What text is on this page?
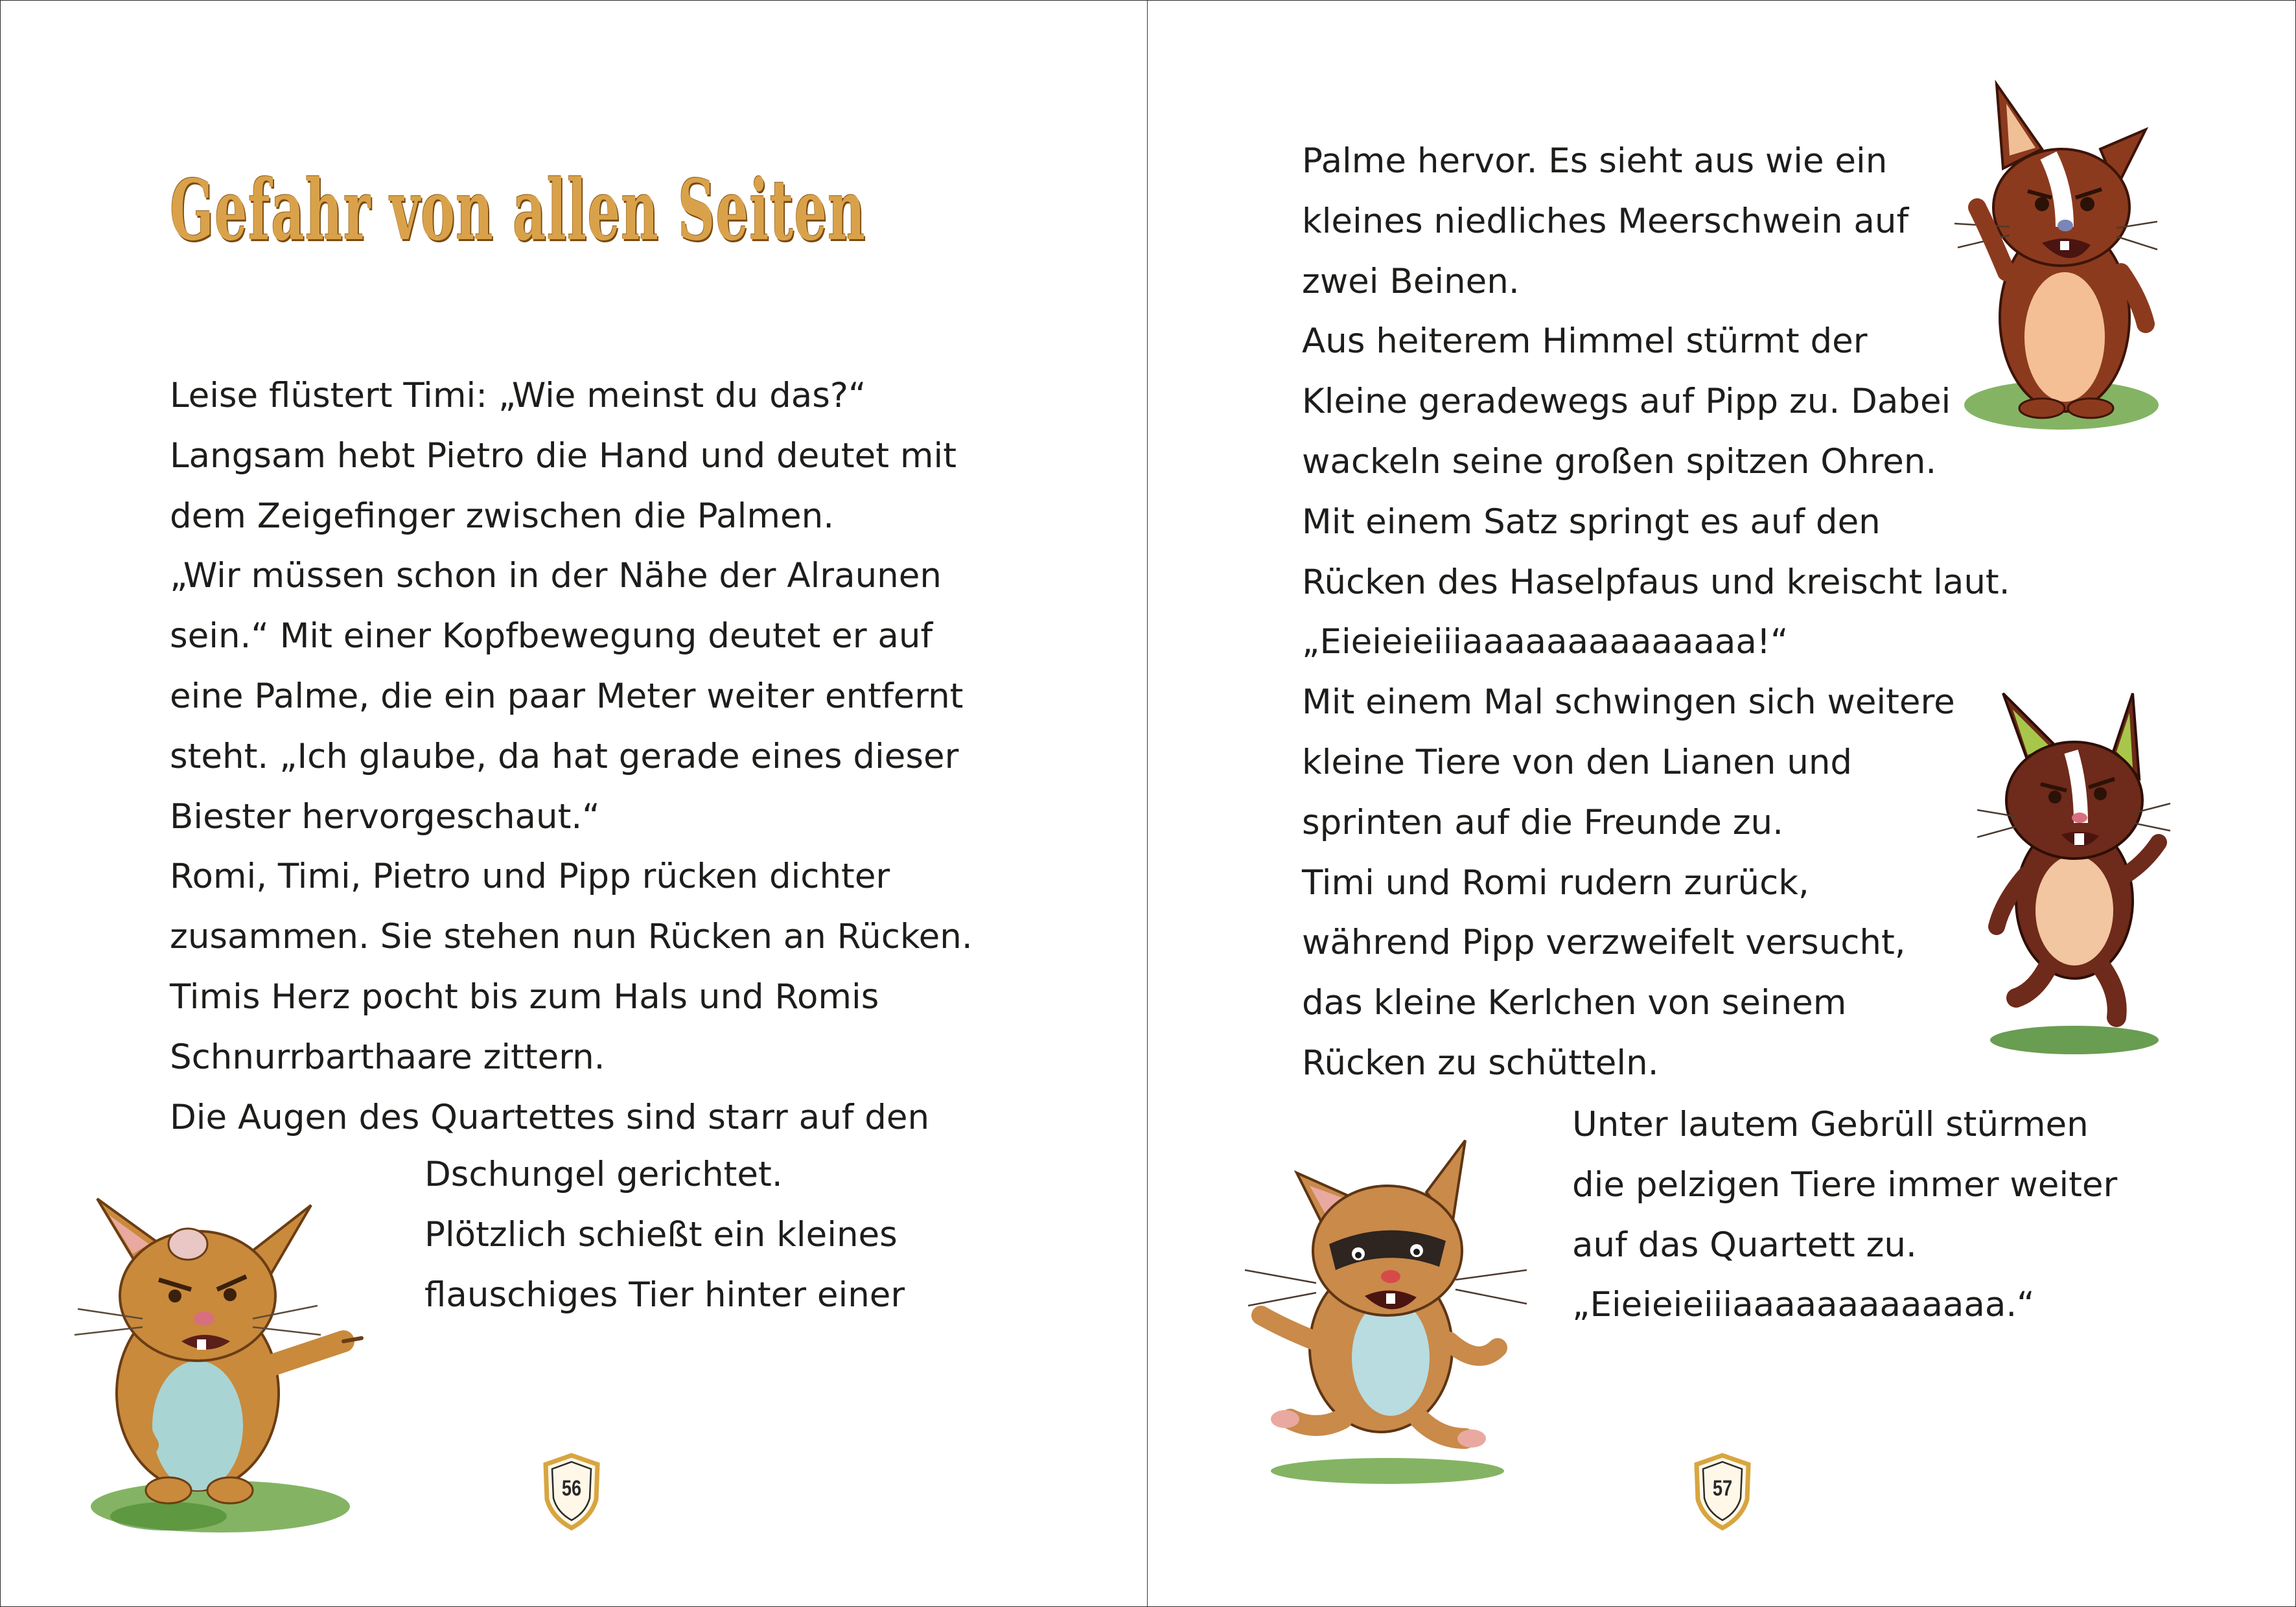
Gefahr von allen Seiten
Leise flüstert Timi: „Wie meinst du das?“
Langsam hebt Pietro die Hand und deutet mit
dem Zeigefinger zwischen die Palmen.
„Wir müssen schon in der Nähe der Alraunen
sein.“ Mit einer Kopfbewegung deutet er auf
eine Palme, die ein paar Meter weiter entfernt
steht. „Ich glaube, da hat gerade eines dieser
Biester hervorgeschaut.“
Romi, Timi, Pietro und Pipp rücken dichter
zusammen. Sie stehen nun Rücken an Rücken.
Timis Herz pocht bis zum Hals und Romis
Schnurrbarthaare zittern.
Die Augen des Quartettes sind starr auf den
Dschungel gerichtet.
Plötzlich schießt ein kleines
flauschiges Tier hinter einer
56
Palme hervor. Es sieht aus wie ein
kleines niedliches Meerschwein auf
zwei Beinen.
Aus heiterem Himmel stürmt der
Kleine geradewegs auf Pipp zu. Dabei
wackeln seine großen spitzen Ohren.
Mit einem Satz springt es auf den
Rücken des Haselpfaus und kreischt laut.
„Eieieieiiiaaaaaaaaaaaaaa!“
Mit einem Mal schwingen sich weitere
kleine Tiere von den Lianen und
sprinten auf die Freunde zu.
Timi und Romi rudern zurück,
während Pipp verzweifelt versucht,
das kleine Kerlchen von seinem
Rücken zu schütteln.
Unter lautem Gebrüll stürmen
die pelzigen Tiere immer weiter
auf das Quartett zu.
„Eieieieiiiaaaaaaaaaaaaa.“
57
